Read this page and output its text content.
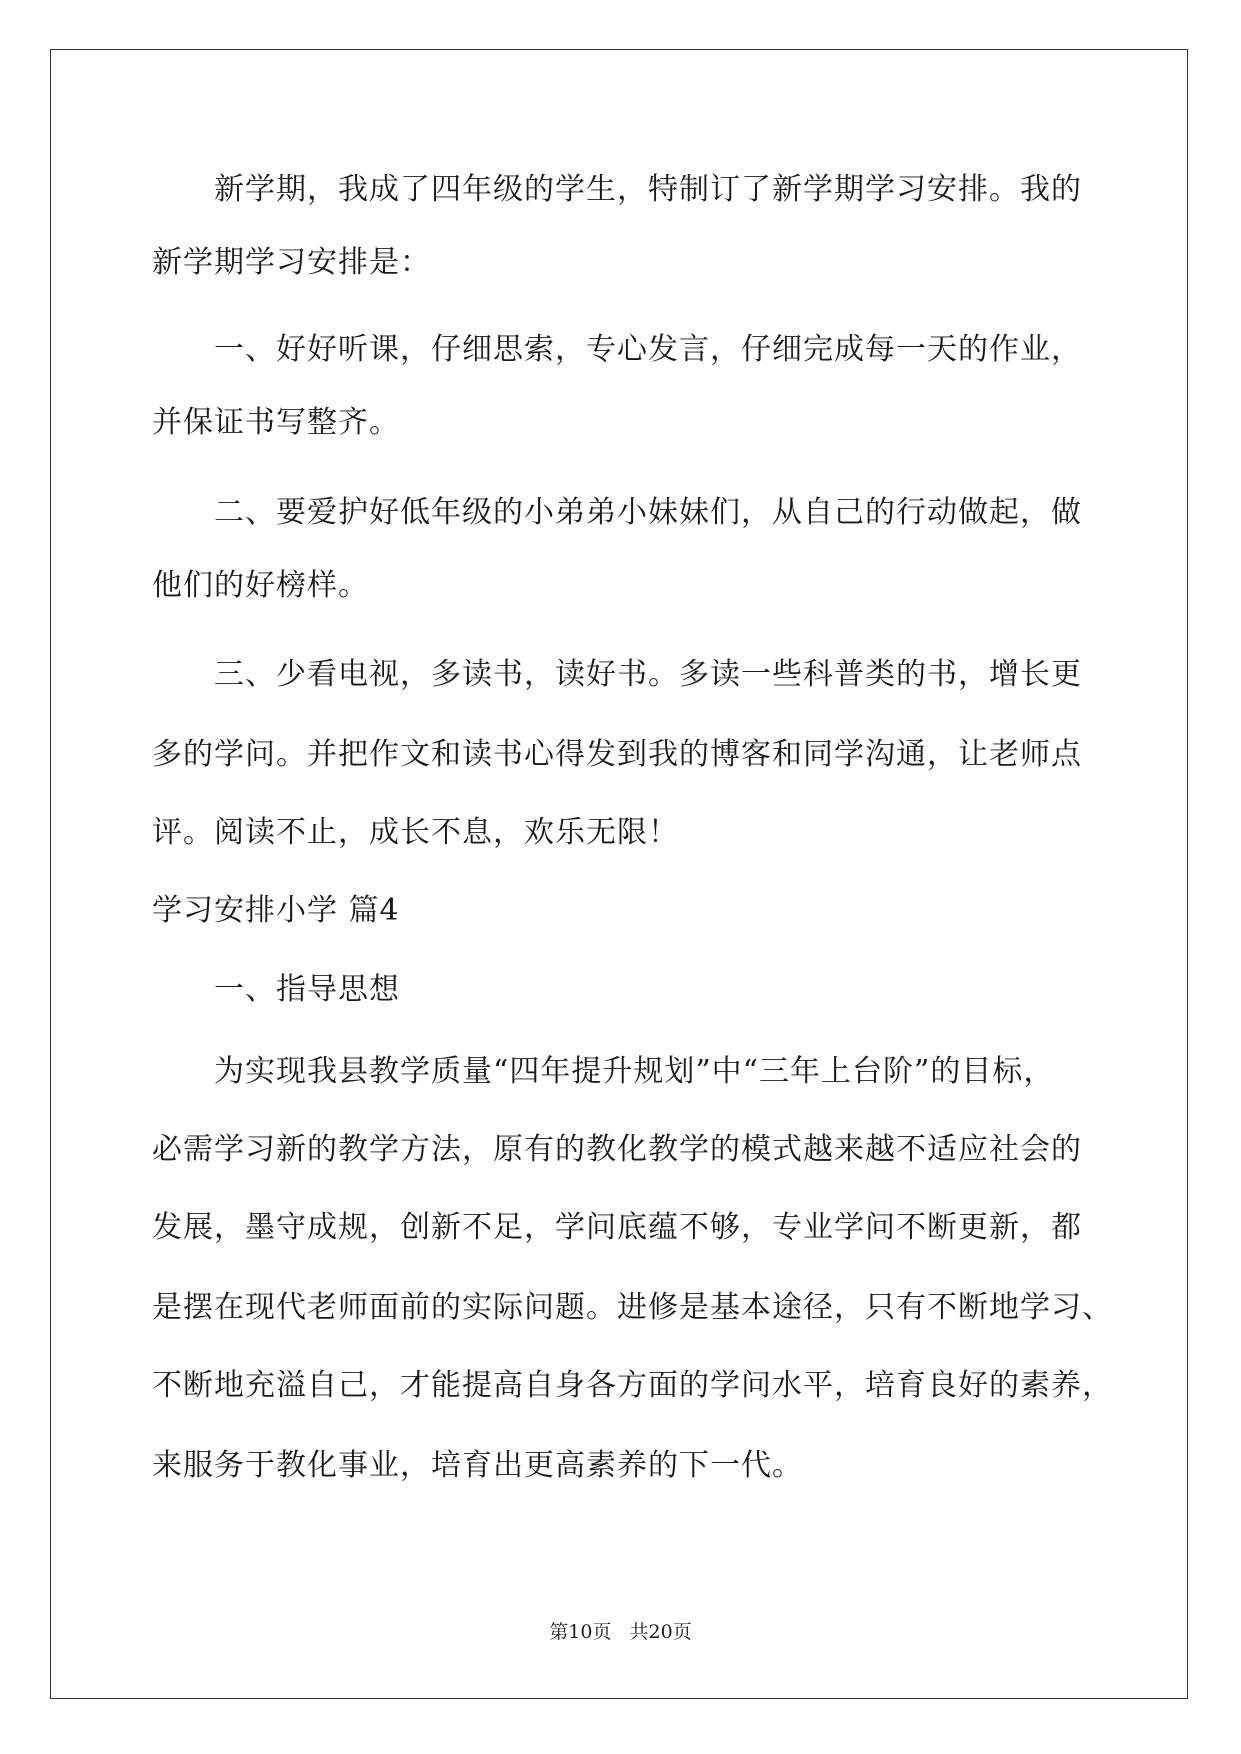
新学期，我成了四年级的学生，特制订了新学期学习安排。我的
新学期学习安排是：
一、好好听课，仔细思索，专心发言，仔细完成每一天的作业，
并保证书写整齐。
二、要爱护好低年级的小弟弟小妹妹们，从自己的行动做起，做
他们的好榜样。
三、少看电视，多读书，读好书。多读一些科普类的书，增长更
多的学问。并把作文和读书心得发到我的博客和同学沟通，让老师点
评。阅读不止，成长不息，欢乐无限！
学习安排小学 篇4
一、指导思想
为实现我县教学质量“四年提升规划”中“三年上台阶”的目标，
必需学习新的教学方法，原有的教化教学的模式越来越不适应社会的
发展，墨守成规，创新不足，学问底蕴不够，专业学问不断更新，都
是摆在现代老师面前的实际问题。进修是基本途径，只有不断地学习、
不断地充溢自己，才能提高自身各方面的学问水平，培育良好的素养，
来服务于教化事业，培育出更高素养的下一代。
第10页 共20页
